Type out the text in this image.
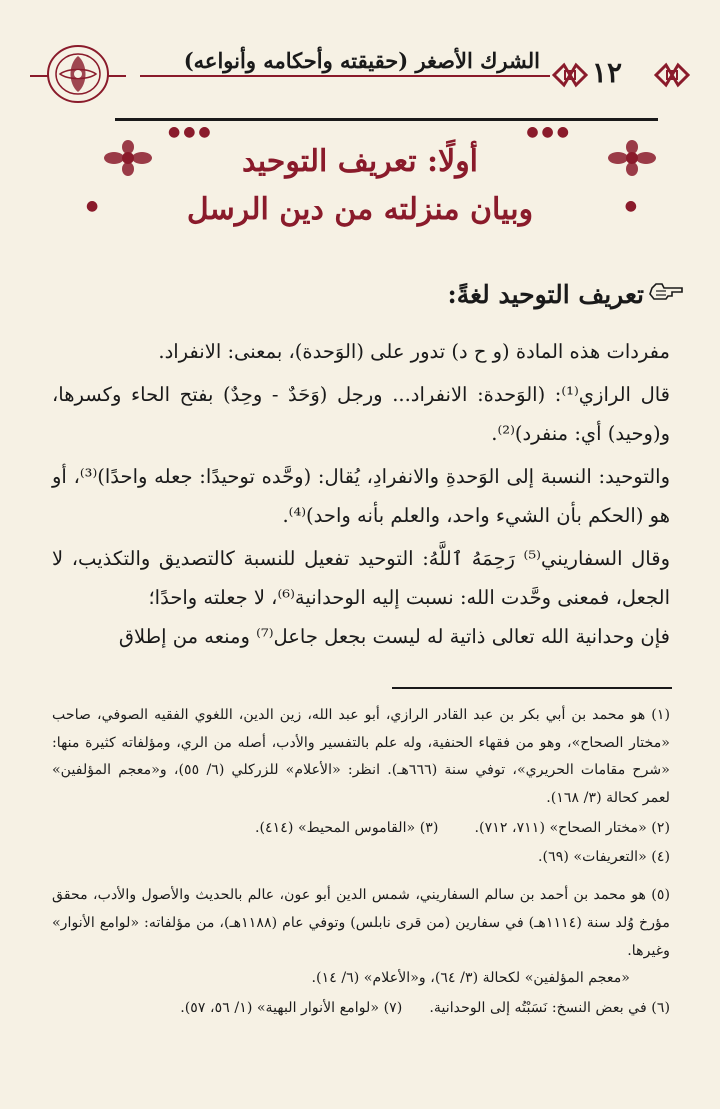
الشرك الأصغر (حقيقته وأحكامه وأنواعه) ١٢
●●●	●●●
●	●
أولًا: تعريف التوحيد
وبيان منزلته من دين الرسل
تعريف التوحيد لغةً:

مفردات هذه المادة (و ح د) تدور على (الوَحدة)، بمعنى: الانفراد.

قال الرازي⁽¹⁾: (الوَحدة: الانفراد... ورجل (وَحَدٌ - وحِدٌ) بفتح الحاء وكسرها، و(وحيد) أي: منفرد)⁽²⁾.

والتوحيد: النسبة إلى الوَحدةِ والانفرادِ، يُقال: (وحَّده توحيدًا: جعله واحدًا)⁽³⁾، أو هو (الحكم بأن الشيء واحد، والعلم بأنه واحد)⁽⁴⁾.

وقال السفاريني⁽⁵⁾ رَحِمَهُ ٱللَّهُ: التوحيد تفعيل للنسبة كالتصديق والتكذيب، لا الجعل، فمعنى وحَّدت الله: نسبت إليه الوحدانية⁽⁶⁾، لا جعلته واحدًا؛

فإن وحدانية الله تعالى ذاتية له ليست بجعل جاعل⁽⁷⁾ ومنعه من إطلاق

(١) هو محمد بن أبي بكر بن عبد القادر الرازي، أبو عبد الله، زين الدين، اللغوي الفقيه الصوفي، صاحب «مختار الصحاح»، وهو من فقهاء الحنفية، وله علم بالتفسير والأدب، أصله من الري، ومؤلفاته كثيرة منها: «شرح مقامات الحريري»، توفي سنة (٦٦٦هـ). انظر: «الأعلام» للزركلي (٦/ ٥٥)، و«معجم المؤلفين» لعمر كحالة (٣/ ١٦٨).

(٢) «مختار الصحاح» (٧١١، ٧١٢).        (٣) «القاموس المحيط» (٤١٤).

(٤) «التعريفات» (٦٩).

(٥) هو محمد بن أحمد بن سالم السفاريني، شمس الدين أبو عون، عالم بالحديث والأصول والأدب، محقق مؤرخ وُلد سنة (١١١٤هـ) في سفارين (من قرى نابلس) وتوفي عام (١١٨٨هـ)، من مؤلفاته: «لوامع الأنوار» وغيرها.

«معجم المؤلفين» لكحالة (٣/ ٦٤)، و«الأعلام» (٦/ ١٤).

(٦) في بعض النسخ: نَسَبْتُه إلى الوحدانية.      (٧) «لوامع الأنوار البهية» (١/ ٥٦، ٥٧).
